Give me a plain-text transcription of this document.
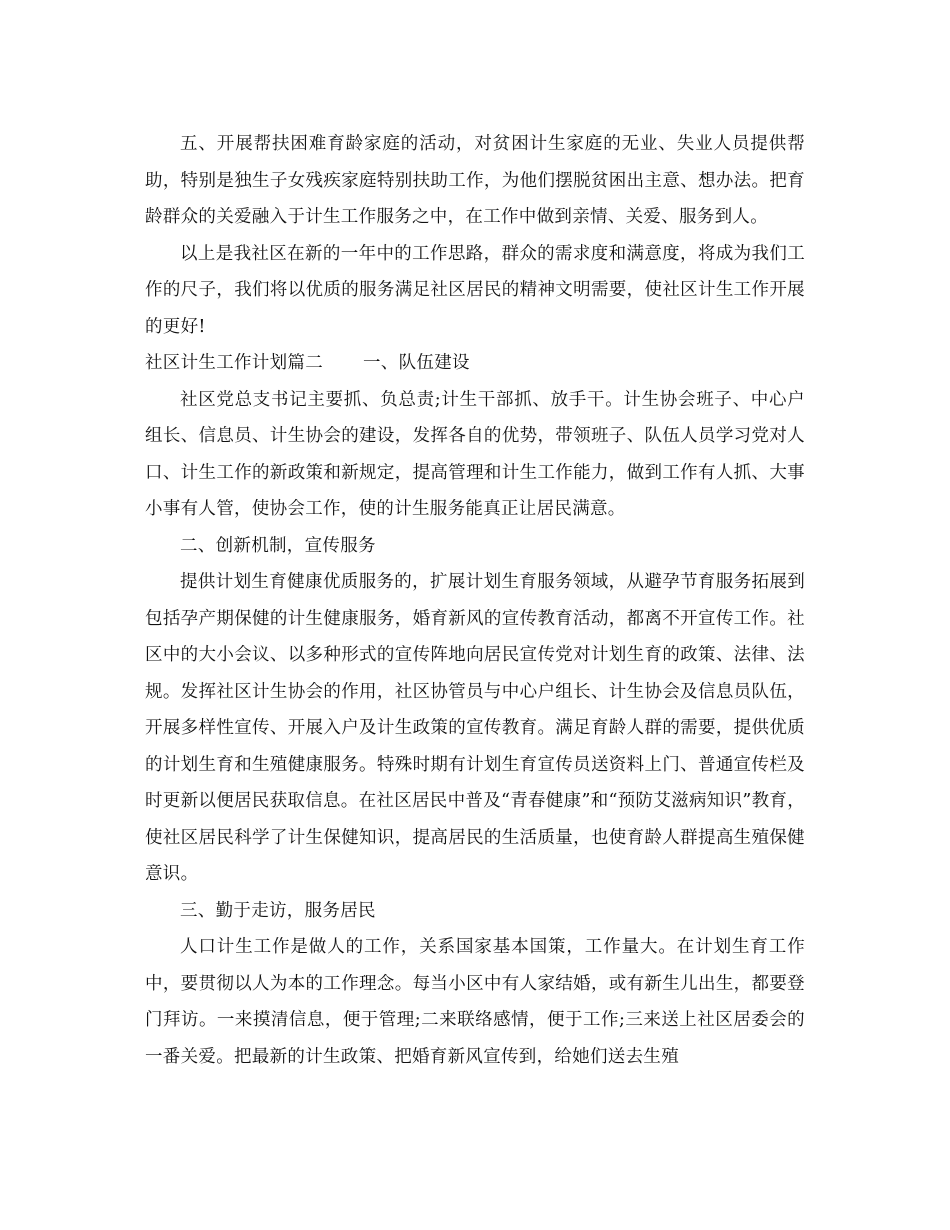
五、开展帮扶困难育龄家庭的活动，对贫困计生家庭的无业、失业人员提供帮助，特别是独生子女残疾家庭特别扶助工作，为他们摆脱贫困出主意、想办法。把育龄群众的关爱融入于计生工作服务之中，在工作中做到亲情、关爱、服务到人。

以上是我社区在新的一年中的工作思路，群众的需求度和满意度，将成为我们工作的尺子，我们将以优质的服务满足社区居民的精神文明需要，使社区计生工作开展的更好!

社区计生工作计划篇二 一、队伍建设

社区党总支书记主要抓、负总责;计生干部抓、放手干。计生协会班子、中心户组长、信息员、计生协会的建设，发挥各自的优势，带领班子、队伍人员学习党对人口、计生工作的新政策和新规定，提高管理和计生工作能力，做到工作有人抓、大事小事有人管，使协会工作，使的计生服务能真正让居民满意。

二、创新机制，宣传服务

提供计划生育健康优质服务的，扩展计划生育服务领域，从避孕节育服务拓展到包括孕产期保健的计生健康服务，婚育新风的宣传教育活动，都离不开宣传工作。社区中的大小会议、以多种形式的宣传阵地向居民宣传党对计划生育的政策、法律、法规。发挥社区计生协会的作用，社区协管员与中心户组长、计生协会及信息员队伍，开展多样性宣传、开展入户及计生政策的宣传教育。满足育龄人群的需要，提供优质的计划生育和生殖健康服务。特殊时期有计划生育宣传员送资料上门、普通宣传栏及时更新以便居民获取信息。在社区居民中普及“青春健康”和“预防艾滋病知识”教育，使社区居民科学了计生保健知识，提高居民的生活质量，也使育龄人群提高生殖保健意识。

三、勤于走访，服务居民

人口计生工作是做人的工作，关系国家基本国策，工作量大。在计划生育工作中，要贯彻以人为本的工作理念。每当小区中有人家结婚，或有新生儿出生，都要登门拜访。一来摸清信息，便于管理;二来联络感情，便于工作;三来送上社区居委会的一番关爱。把最新的计生政策、把婚育新风宣传到，给她们送去生殖
